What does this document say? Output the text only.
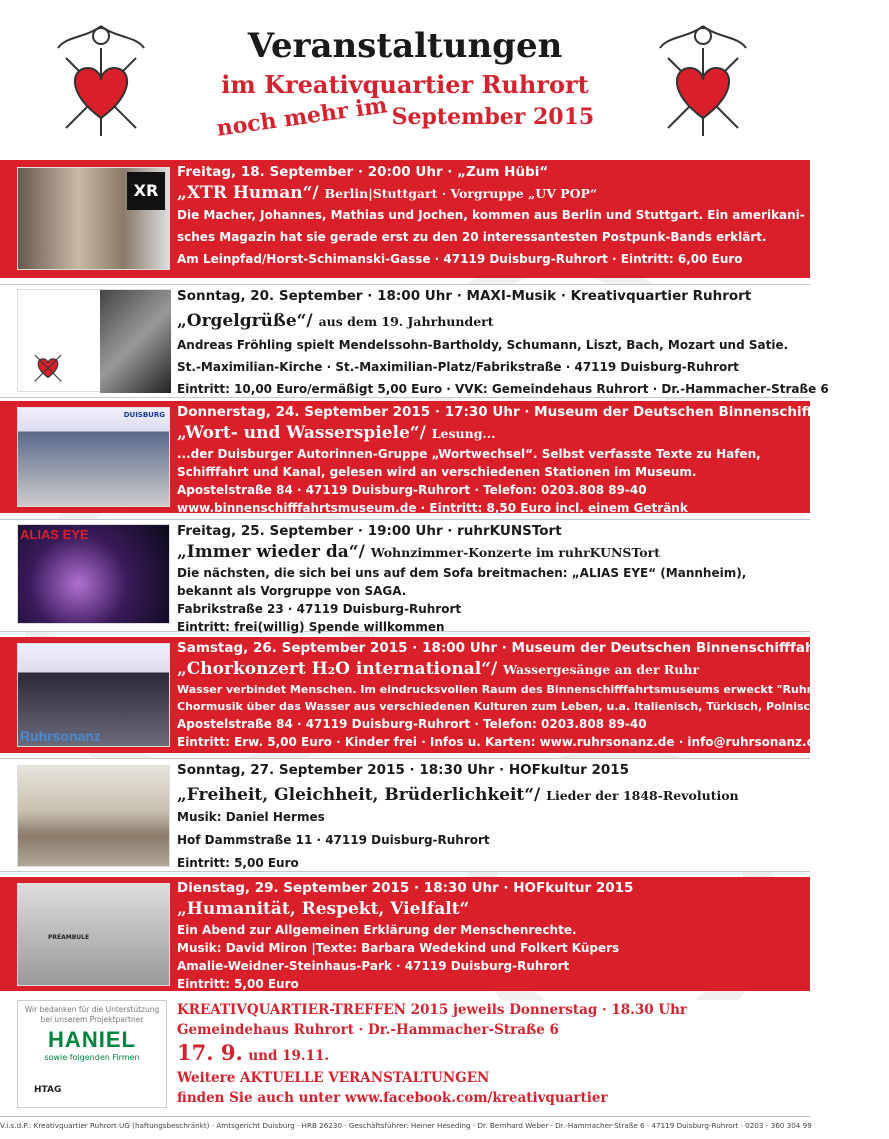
Veranstaltungen
im Kreativquartier Ruhrort
noch mehr im September 2015
XR
Freitag, 18. September · 20:00 Uhr · „Zum Hübi“
„XTR Human“/ Berlin|Stuttgart · Vorgruppe „UV POP“
Die Macher, Johannes, Mathias und Jochen, kommen aus Berlin und Stuttgart. Ein amerikani-
sches Magazin hat sie gerade erst zu den 20 interessantesten Postpunk-Bands erklärt.
Am Leinpfad/Horst-Schimanski-Gasse · 47119 Duisburg-Ruhrort · Eintritt: 6,00 Euro
Sonntag, 20. September · 18:00 Uhr · MAXI-Musik · Kreativquartier Ruhrort
„Orgelgrüße“/ aus dem 19. Jahrhundert
Andreas Fröhling spielt Mendelssohn-Bartholdy, Schumann, Liszt, Bach, Mozart und Satie.
St.-Maximilian-Kirche · St.-Maximilian-Platz/Fabrikstraße · 47119 Duisburg-Ruhrort
Eintritt: 10,00 Euro/ermäßigt 5,00 Euro · VVK: Gemeindehaus Ruhrort · Dr.-Hammacher-Straße 6
DUISBURG Donnerstag, 24. September 2015 · 17:30 Uhr · Museum der Deutschen Binnenschifffahrt
„Wort- und Wasserspiele“/ Lesung...
...der Duisburger Autorinnen-Gruppe „Wortwechsel“. Selbst verfasste Texte zu Hafen,
Schifffahrt und Kanal, gelesen wird an verschiedenen Stationen im Museum.
Apostelstraße 84 · 47119 Duisburg-Ruhrort · Telefon: 0203.808 89-40
www.binnenschifffahrtsmuseum.de · Eintritt: 8,50 Euro incl. einem Getränk
ALIAS EYE	Freitag, 25. September · 19:00 Uhr · ruhrKUNSTort
„Immer wieder da“/ Wohnzimmer-Konzerte im ruhrKUNSTort
Die nächsten, die sich bei uns auf dem Sofa breitmachen: „ALIAS EYE“ (Mannheim),
bekannt als Vorgruppe von SAGA.
Fabrikstraße 23 · 47119 Duisburg-Ruhrort
Eintritt: frei(willig) Spende willkommen
Ruhrsonanz
Samstag, 26. September 2015 · 18:00 Uhr · Museum der Deutschen Binnenschifffahrt
„Chorkonzert H₂O international“/ Wassergesänge an der Ruhr
Wasser verbindet Menschen. Im eindrucksvollen Raum des Binnenschifffahrtsmuseums erweckt "Ruhrsonanz e.V."
Chormusik über das Wasser aus verschiedenen Kulturen zum Leben, u.a. Italienisch, Türkisch, Polnisch, Japanisch.
Apostelstraße 84 · 47119 Duisburg-Ruhrort · Telefon: 0203.808 89-40
Eintritt: Erw. 5,00 Euro · Kinder frei · Infos u. Karten: www.ruhrsonanz.de · info@ruhrsonanz.de
Sonntag, 27. September 2015 · 18:30 Uhr · HOFkultur 2015
„Freiheit, Gleichheit, Brüderlichkeit“/ Lieder der 1848-Revolution
Musik: Daniel Hermes
Hof Dammstraße 11 · 47119 Duisburg-Ruhrort
Eintritt: 5,00 Euro
PRÉAMBULE
Dienstag, 29. September 2015 · 18:30 Uhr · HOFkultur 2015
„Humanität, Respekt, Vielfalt“
Ein Abend zur Allgemeinen Erklärung der Menschenrechte.
Musik: David Miron |Texte: Barbara Wedekind und Folkert Küpers
Amalie-Weidner-Steinhaus-Park · 47119 Duisburg-Ruhrort
Eintritt: 5,00 Euro
Wir bedanken für die Unterstützung bei unserem Projektpartner
HANIEL
sowie folgenden Firmen
HTAG
KREATIVQUARTIER-TREFFEN 2015 jeweils Donnerstag · 18.30 Uhr
Gemeindehaus Ruhrort · Dr.-Hammacher-Straße 6
17. 9. und 19.11.
Weitere AKTUELLE VERANSTALTUNGEN
finden Sie auch unter www.facebook.com/kreativquartier
V.i.s.d.P.: Kreativquartier Ruhrort UG (haftungsbeschränkt) · Amtsgericht Duisburg · HRB 26230 · Geschäftsführer: Heiner Heseding · Dr. Bernhard Weber · Dr.-Hammacher-Straße 6 · 47119 Duisburg-Ruhrort · 0203 - 360 304 99
